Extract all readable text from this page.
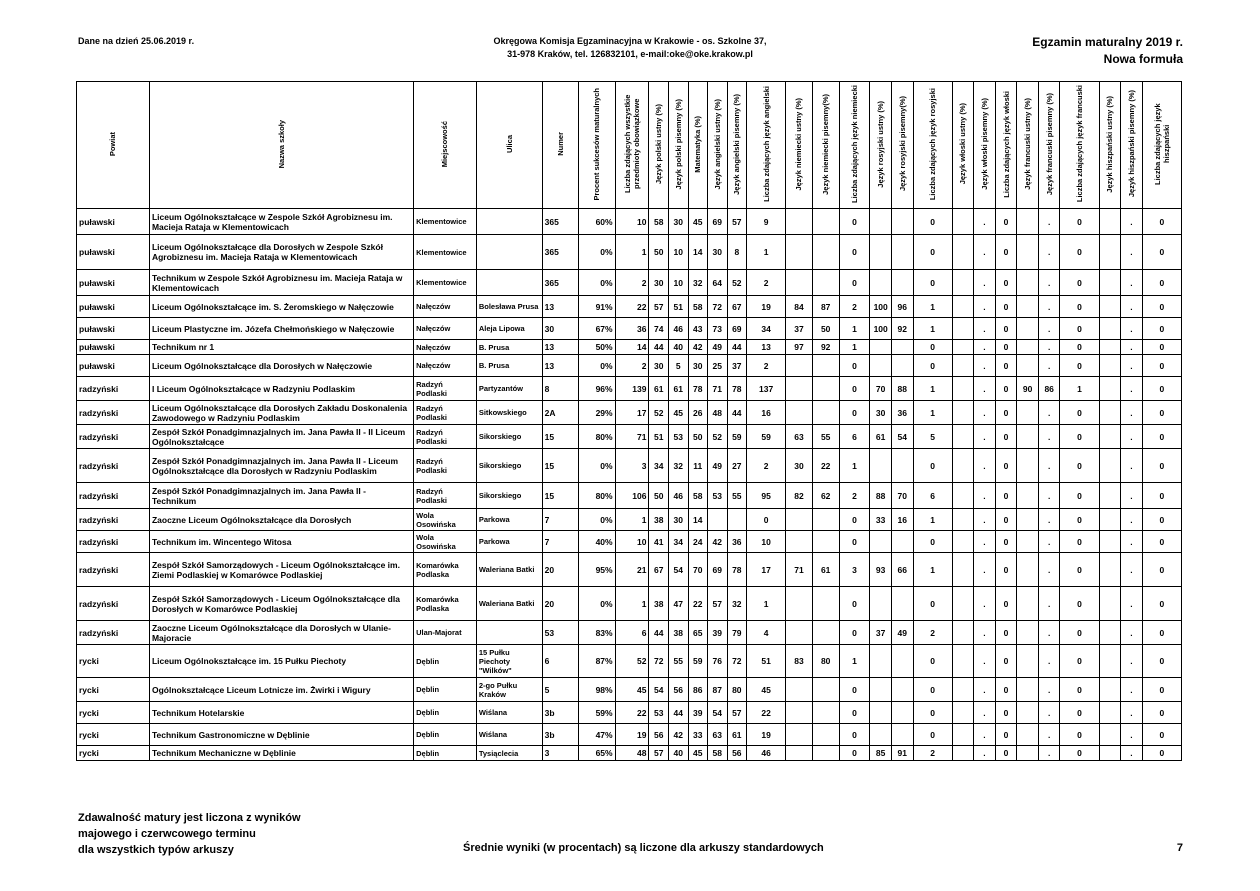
Dane na dzień 25.06.2019 r.	Okręgowa Komisja Egzaminacyjna w Krakowie - os. Szkolne 37,
31-978 Kraków, tel. 126832101, e-mail:oke@oke.krakow.pl
Egzamin maturalny 2019 r.
Nowa formuła
Powiat	Nazwa szkoły	Miejscowość	Ulica	Numer	Procent sukcesów maturalnych	Liczba zdających wszystkie przedmioty obowiązkowe	Język polski ustny (%)	Język polski pisemny (%)	Matematyka (%)	Język angielski ustny (%)	Język angielski pisemny (%)	Liczba zdających język angielski	Język niemiecki ustny (%)	Język niemiecki pisemny(%)	Liczba zdających język niemiecki	Język rosyjski ustny (%)	Język rosyjski pisemny(%)	Liczba zdających język rosyjski	Język włoski ustny (%)	Język włoski pisemny (%)	Liczba zdających język włoski	Język francuski ustny (%)	Język francuski pisemny (%)	Liczba zdających język francuski	Język hiszpański ustny (%)	Język hiszpański pisemny (%)	Liczba zdających język hiszpański
puławski	Liceum Ogólnokształcące w Zespole Szkół Agrobiznesu im. Macieja Rataja w Klementowicach	Klementowice		365	60%	10	58	30	45	69	57	9			0			0		.	0		.	0		.	0
puławski	Liceum Ogólnokształcące dla Dorosłych w Zespole Szkół Agrobiznesu im. Macieja Rataja w Klementowicach	Klementowice		365	0%	1	50	10	14	30	8	1			0			0		.	0		.	0		.	0
puławski	Technikum w Zespole Szkół Agrobiznesu im. Macieja Rataja w Klementowicach	Klementowice		365	0%	2	30	10	32	64	52	2			0			0		.	0		.	0		.	0
puławski	Liceum Ogólnokształcące im. S. Żeromskiego w Nałęczowie	Nałęczów	Bolesława Prusa	13	91%	22	57	51	58	72	67	19	84	87	2	100	96	1		.	0		.	0		.	0
puławski	Liceum Plastyczne im. Józefa Chełmońskiego w Nałęczowie	Nałęczów	Aleja Lipowa	30	67%	36	74	46	43	73	69	34	37	50	1	100	92	1		.	0		.	0		.	0
puławski	Technikum nr 1	Nałęczów	B. Prusa	13	50%	14	44	40	42	49	44	13	97	92	1			0		.	0		.	0		.	0
puławski	Liceum Ogólnokształcące dla Dorosłych w Nałęczowie	Nałęczów	B. Prusa	13	0%	2	30	5	30	25	37	2			0			0		.	0		.	0		.	0
radzyński	I Liceum Ogólnokształcące w Radzyniu Podlaskim	Radzyń Podlaski	Partyzantów	8	96%	139	61	61	78	71	78	137			0	70	88	1		.	0	90	86	1		.	0
radzyński	Liceum Ogólnokształcące dla Dorosłych Zakładu Doskonalenia Zawodowego w Radzyniu Podlaskim	Radzyń Podlaski	Sitkowskiego	2A	29%	17	52	45	26	48	44	16			0	30	36	1		.	0		.	0		.	0
radzyński	Zespół Szkół Ponadgimnazjalnych im. Jana Pawła II - II Liceum Ogólnokształcące	Radzyń Podlaski	Sikorskiego	15	80%	71	51	53	50	52	59	59	63	55	6	61	54	5		.	0		.	0		.	0
radzyński	Zespół Szkół Ponadgimnazjalnych im. Jana Pawła II - Liceum Ogólnokształcące dla Dorosłych w Radzyniu Podlaskim	Radzyń Podlaski	Sikorskiego	15	0%	3	34	32	11	49	27	2	30	22	1			0		.	0		.	0		.	0
radzyński	Zespół Szkół Ponadgimnazjalnych im. Jana Pawła II - Technikum	Radzyń Podlaski	Sikorskiego	15	80%	106	50	46	58	53	55	95	82	62	2	88	70	6		.	0		.	0		.	0
radzyński	Zaoczne Liceum Ogólnokształcące dla Dorosłych	Wola Osowińska	Parkowa	7	0%	1	38	30	14			0			0	33	16	1		.	0		.	0		.	0
radzyński	Technikum im. Wincentego Witosa	Wola Osowińska	Parkowa	7	40%	10	41	34	24	42	36	10			0			0		.	0		.	0		.	0
radzyński	Zespół Szkół Samorządowych - Liceum Ogólnokształcące im. Ziemi Podlaskiej w Komarówce Podlaskiej	Komarówka Podlaska	Waleriana Batki	20	95%	21	67	54	70	69	78	17	71	61	3	93	66	1		.	0		.	0		.	0
radzyński	Zespół Szkół Samorządowych - Liceum Ogólnokształcące dla Dorosłych w Komarówce Podlaskiej	Komarówka Podlaska	Waleriana Batki	20	0%	1	38	47	22	57	32	1			0			0		.	0		.	0		.	0
radzyński	Zaoczne Liceum Ogólnokształcące dla Dorosłych w Ulanie-Majoracie	Ulan-Majorat		53	83%	6	44	38	65	39	79	4			0	37	49	2		.	0		.	0		.	0
rycki	Liceum Ogólnokształcące im. 15 Pułku Piechoty	Dęblin	15 Pułku Piechoty "Wilków"	6	87%	52	72	55	59	76	72	51	83	80	1			0		.	0		.	0		.	0
rycki	Ogólnokształcące Liceum Lotnicze im. Żwirki i Wigury	Dęblin	2-go Pułku Kraków	5	98%	45	54	56	86	87	80	45			0			0		.	0		.	0		.	0
rycki	Technikum Hotelarskie	Dęblin	Wiślana	3b	59%	22	53	44	39	54	57	22			0			0		.	0		.	0		.	0
rycki	Technikum Gastronomiczne w Dęblinie	Dęblin	Wiślana	3b	47%	19	56	42	33	63	61	19			0			0		.	0		.	0		.	0
rycki	Technikum Mechaniczne w Dęblinie	Dęblin	Tysiąclecia	3	65%	48	57	40	45	58	56	46			0	85	91	2		.	0		.	0		.	0
Zdawalność matury jest liczona z wyników
majowego i czerwcowego terminu
dla wszystkich typów arkuszy	Średnie wyniki (w procentach) są liczone dla arkuszy standardowych	7
